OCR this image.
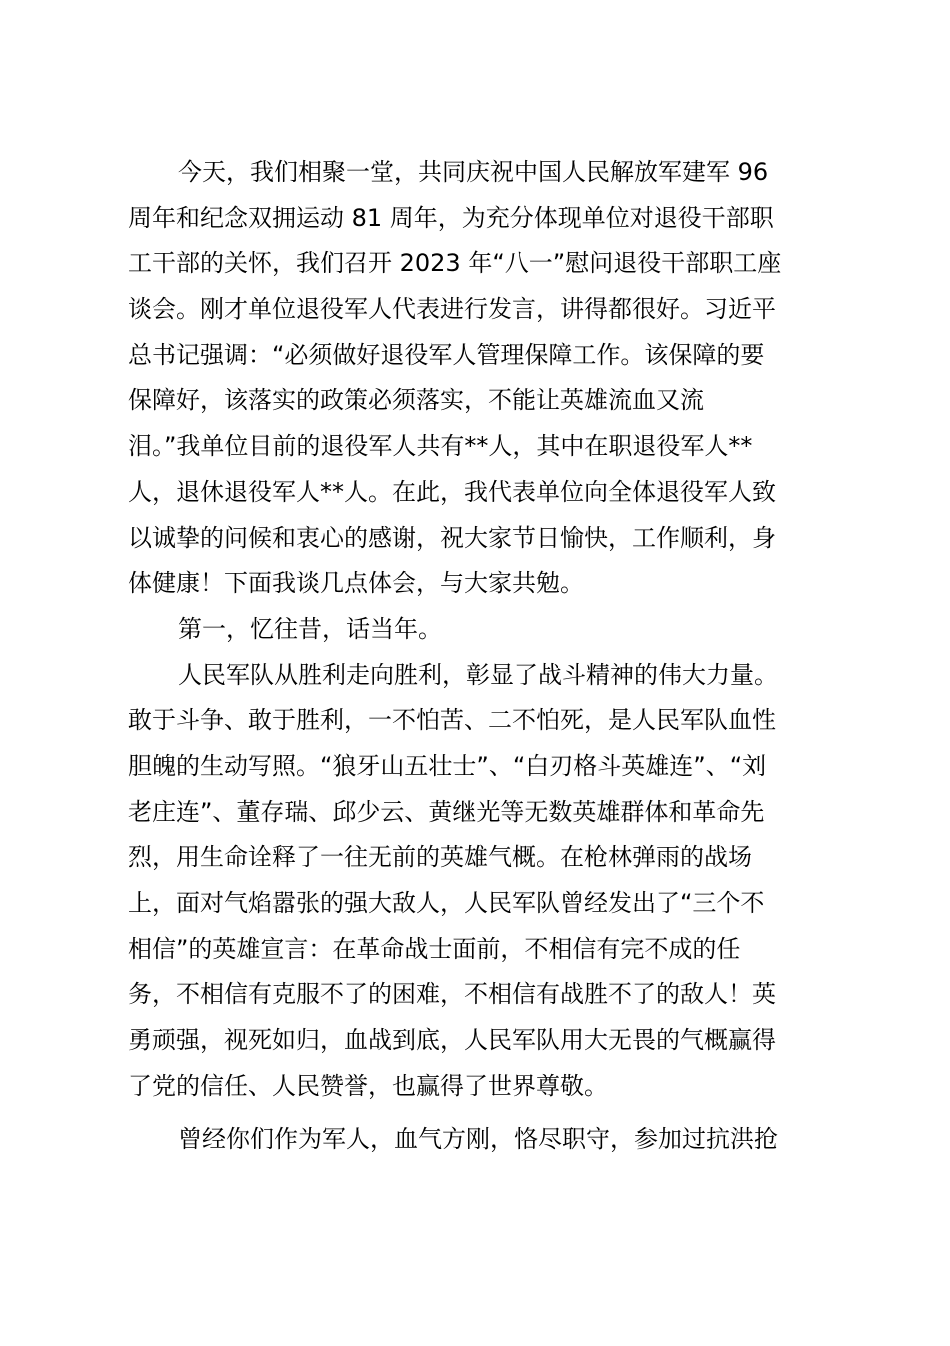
今天，我们相聚一堂，共同庆祝中国人民解放军建军 96
周年和纪念双拥运动 81 周年，为充分体现单位对退役干部职
工干部的关怀，我们召开 2023 年“八一”慰问退役干部职工座
谈会。刚才单位退役军人代表进行发言，讲得都很好。习近平
总书记强调：“必须做好退役军人管理保障工作。该保障的要
保障好，该落实的政策必须落实，不能让英雄流血又流
泪。”我单位目前的退役军人共有**人，其中在职退役军人**
人，退休退役军人**人。在此，我代表单位向全体退役军人致
以诚挚的问候和衷心的感谢，祝大家节日愉快，工作顺利，身
体健康！下面我谈几点体会，与大家共勉。
第一，忆往昔，话当年。
人民军队从胜利走向胜利，彰显了战斗精神的伟大力量。
敢于斗争、敢于胜利，一不怕苦、二不怕死，是人民军队血性
胆魄的生动写照。“狼牙山五壮士”、“白刃格斗英雄连”、“刘
老庄连”、董存瑞、邱少云、黄继光等无数英雄群体和革命先
烈，用生命诠释了一往无前的英雄气概。在枪林弹雨的战场
上，面对气焰嚣张的强大敌人，人民军队曾经发出了“三个不
相信”的英雄宣言：在革命战士面前，不相信有完不成的任
务，不相信有克服不了的困难，不相信有战胜不了的敌人！英
勇顽强，视死如归，血战到底，人民军队用大无畏的气概赢得
了党的信任、人民赞誉，也赢得了世界尊敬。
曾经你们作为军人，血气方刚，恪尽职守，参加过抗洪抢
